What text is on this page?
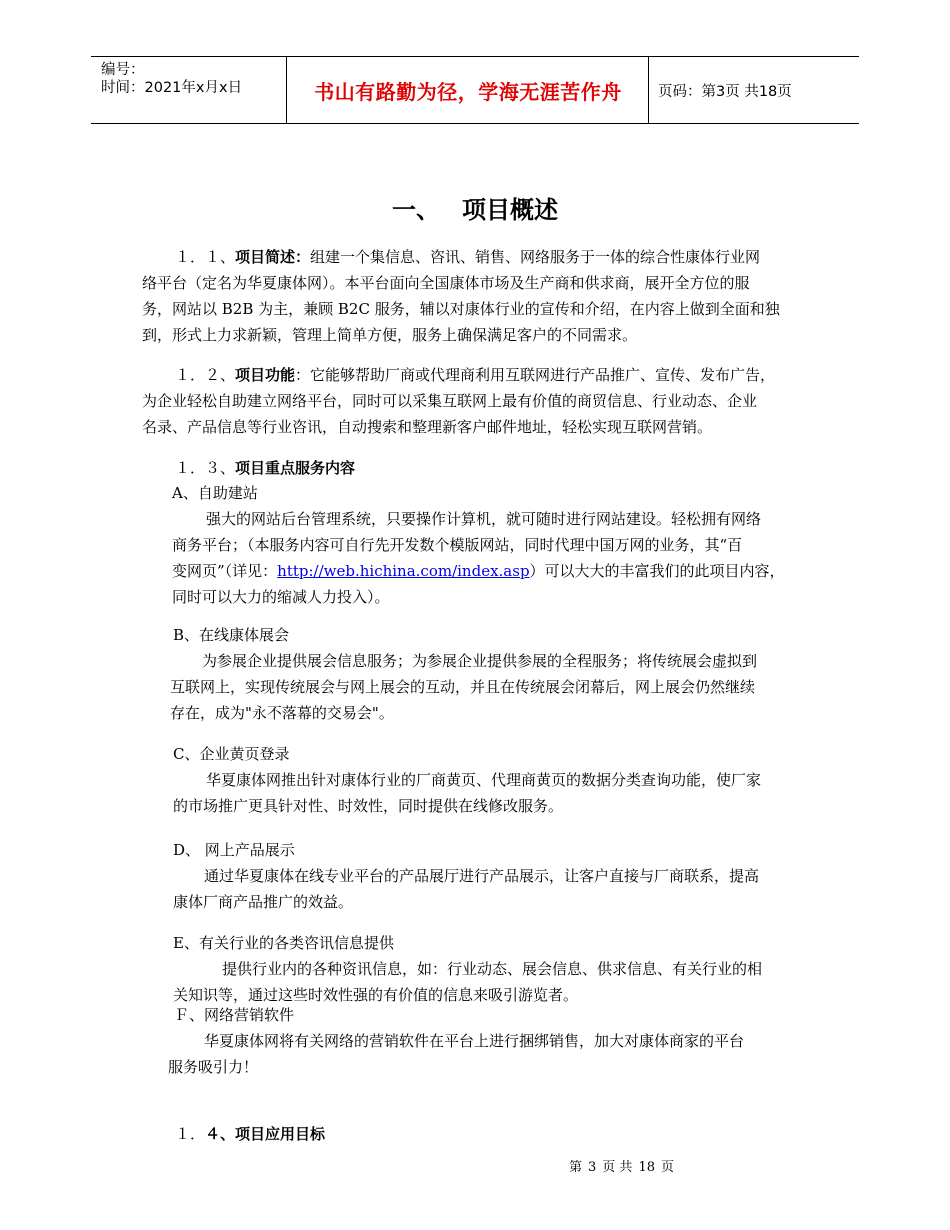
编号：
时间：2021年x月x日	书山有路勤为径，学海无涯苦作舟	页码：第3页 共18页
一、 项目概述
１．１、项目简述：组建一个集信息、咨讯、销售、网络服务于一体的综合性康体行业网
络平台（定名为华夏康体网）。本平台面向全国康体市场及生产商和供求商，展开全方位的服
务，网站以 B2B 为主，兼顾 B2C 服务，辅以对康体行业的宣传和介绍，在内容上做到全面和独
到，形式上力求新颖，管理上简单方便，服务上确保满足客户的不同需求。
１．２、项目功能：它能够帮助厂商或代理商利用互联网进行产品推广、宣传、发布广告，
为企业轻松自助建立网络平台，同时可以采集互联网上最有价值的商贸信息、行业动态、企业
名录、产品信息等行业咨讯，自动搜索和整理新客户邮件地址，轻松实现互联网营销。
１．３、项目重点服务内容
A、自助建站
强大的网站后台管理系统，只要操作计算机，就可随时进行网站建设。轻松拥有网络
商务平台；（本服务内容可自行先开发数个模版网站，同时代理中国万网的业务，其“百
变网页”（详见：http://web.hichina.com/index.asp）可以大大的丰富我们的此项目内容，
同时可以大力的缩减人力投入）。
B、在线康体展会
为参展企业提供展会信息服务；为参展企业提供参展的全程服务；将传统展会虚拟到
互联网上，实现传统展会与网上展会的互动，并且在传统展会闭幕后，网上展会仍然继续
存在，成为"永不落幕的交易会"。
C、企业黄页登录
华夏康体网推出针对康体行业的厂商黄页、代理商黄页的数据分类查询功能，使厂家
的市场推广更具针对性、时效性，同时提供在线修改服务。
D、 网上产品展示
通过华夏康体在线专业平台的产品展厅进行产品展示，让客户直接与厂商联系，提高
康体厂商产品推广的效益。
E、有关行业的各类咨讯信息提供
提供行业内的各种资讯信息，如：行业动态、展会信息、供求信息、有关行业的相
关知识等，通过这些时效性强的有价值的信息来吸引游览者。
Ｆ、网络营销软件
华夏康体网将有关网络的营销软件在平台上进行捆绑销售，加大对康体商家的平台
服务吸引力！
１．４、项目应用目标
第 3 页 共 18 页
